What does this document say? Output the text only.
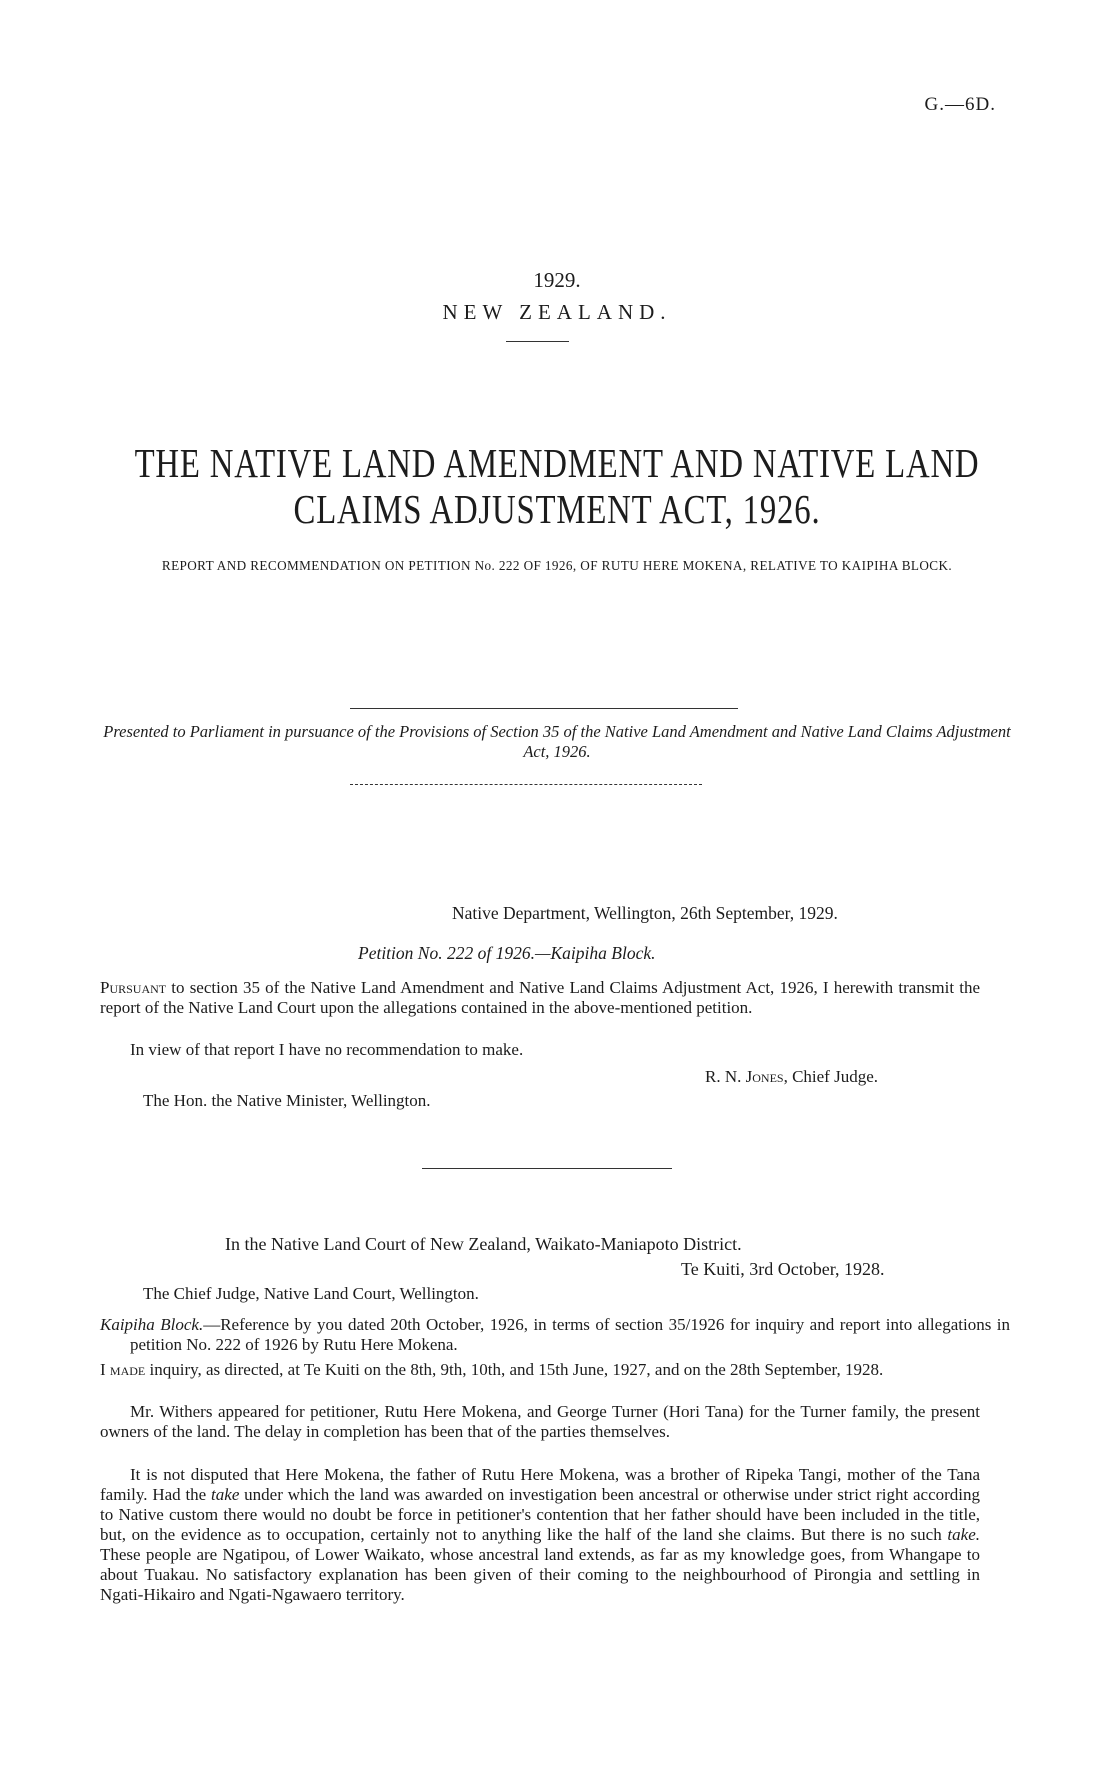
G.—6D.
1929.
NEW ZEALAND.
THE NATIVE LAND AMENDMENT AND NATIVE LAND
CLAIMS ADJUSTMENT ACT, 1926.
REPORT AND RECOMMENDATION ON PETITION No. 222 OF 1926, OF RUTU HERE MOKENA, RELATIVE TO KAIPIHA BLOCK.
Presented to Parliament in pursuance of the Provisions of Section 35 of the Native Land Amendment and Native Land Claims Adjustment Act, 1926.
Native Department, Wellington, 26th September, 1929.
Petition No. 222 of 1926.—Kaipiha Block.

Pursuant to section 35 of the Native Land Amendment and Native Land Claims Adjustment Act, 1926, I herewith transmit the report of the Native Land Court upon the allegations contained in the above-mentioned petition.

In view of that report I have no recommendation to make.

R. N. Jones, Chief Judge.
The Hon. the Native Minister, Wellington.
In the Native Land Court of New Zealand, Waikato-Maniapoto District.
Te Kuiti, 3rd October, 1928.
The Chief Judge, Native Land Court, Wellington.

Kaipiha Block.—Reference by you dated 20th October, 1926, in terms of section 35/1926 for inquiry and report into allegations in petition No. 222 of 1926 by Rutu Here Mokena.

I made inquiry, as directed, at Te Kuiti on the 8th, 9th, 10th, and 15th June, 1927, and on the 28th September, 1928.

Mr. Withers appeared for petitioner, Rutu Here Mokena, and George Turner (Hori Tana) for the Turner family, the present owners of the land. The delay in completion has been that of the parties themselves.

It is not disputed that Here Mokena, the father of Rutu Here Mokena, was a brother of Ripeka Tangi, mother of the Tana family. Had the take under which the land was awarded on investigation been ancestral or otherwise under strict right according to Native custom there would no doubt be force in petitioner's contention that her father should have been included in the title, but, on the evidence as to occupation, certainly not to anything like the half of the land she claims. But there is no such take. These people are Ngatipou, of Lower Waikato, whose ancestral land extends, as far as my knowledge goes, from Whangape to about Tuakau. No satisfactory explanation has been given of their coming to the neighbourhood of Pirongia and settling in Ngati-Hikairo and Ngati-Ngawaero territory.
